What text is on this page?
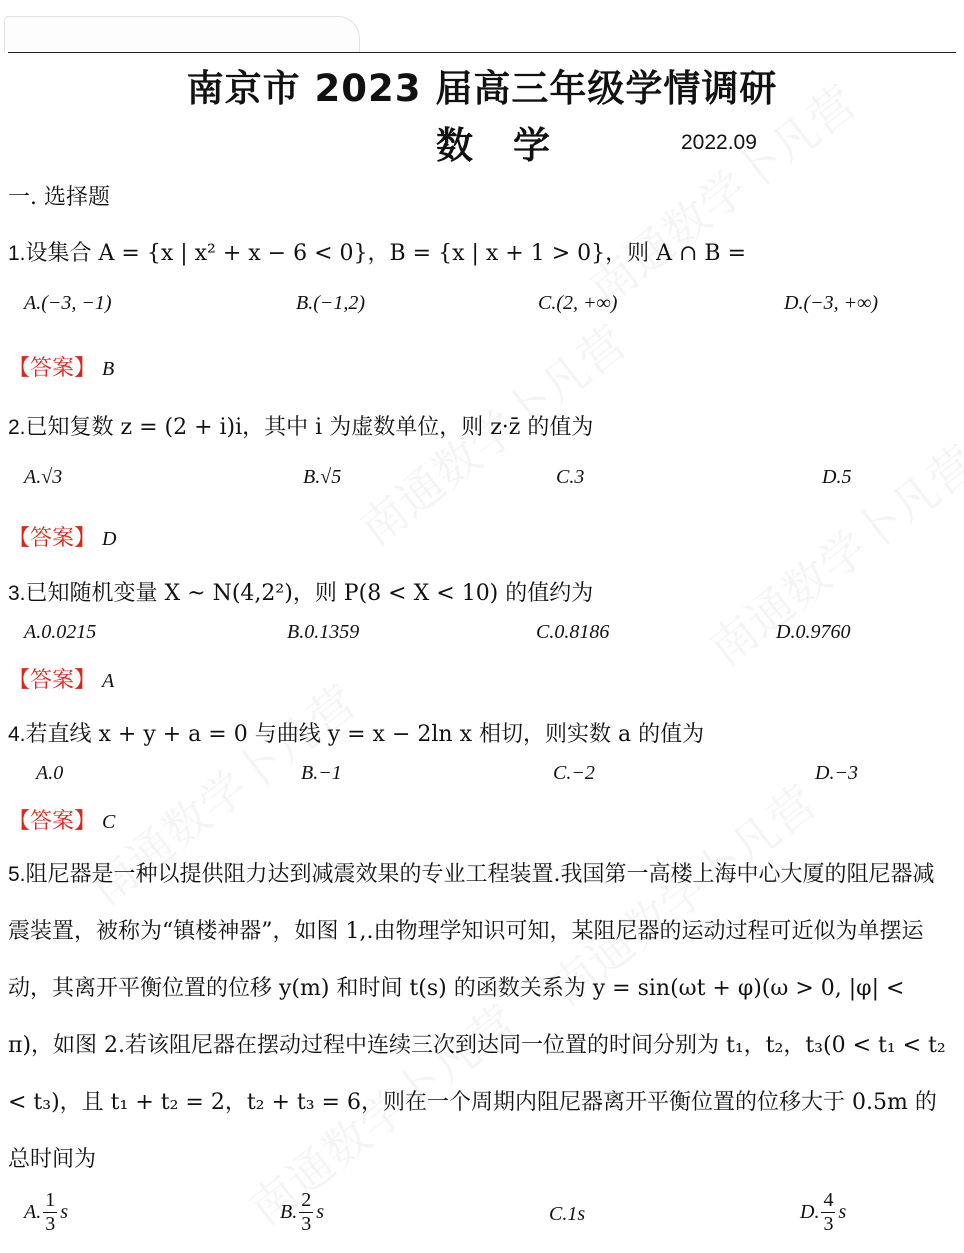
南京市 2023 届高三年级学情调研
数学	2022.09
一. 选择题
1.设集合 A = {x | x² + x − 6 < 0}，B = {x | x + 1 > 0}，则 A ∩ B =
A.(−3, −1)	B.(−1,2)	C.(2, +∞)	D.(−3, +∞)
【答案】 B
2.已知复数 z = (2 + i)i，其中 i 为虚数单位，则 z·z̄ 的值为
A.√3	B.√5	C.3	D.5
【答案】 D
3.已知随机变量 X ~ N(4,2²)，则 P(8 < X < 10) 的值约为
A.0.0215	B.0.1359	C.0.8186	D.0.9760
【答案】 A
4.若直线 x + y + a = 0 与曲线 y = x − 2ln x 相切，则实数 a 的值为
A.0	B.−1	C.−2	D.−3
【答案】 C
5.阻尼器是一种以提供阻力达到减震效果的专业工程装置.我国第一高楼上海中心大厦的阻尼器减震装置，被称为“镇楼神器”，如图 1,.由物理学知识可知，某阻尼器的运动过程可近似为单摆运动，其离开平衡位置的位移 y(m) 和时间 t(s) 的函数关系为 y = sin(ωt + φ)(ω > 0, |φ| < π)，如图 2.若该阻尼器在摆动过程中连续三次到达同一位置的时间分别为 t₁，t₂，t₃(0 < t₁ < t₂ < t₃)，且 t₁ + t₂ = 2，t₂ + t₃ = 6，则在一个周期内阻尼器离开平衡位置的位移大于 0.5m 的总时间为
A. $\frac{1}{3}$ s	B. $\frac{2}{3}$ s	C. 1s	D. $\frac{4}{3}$ s
